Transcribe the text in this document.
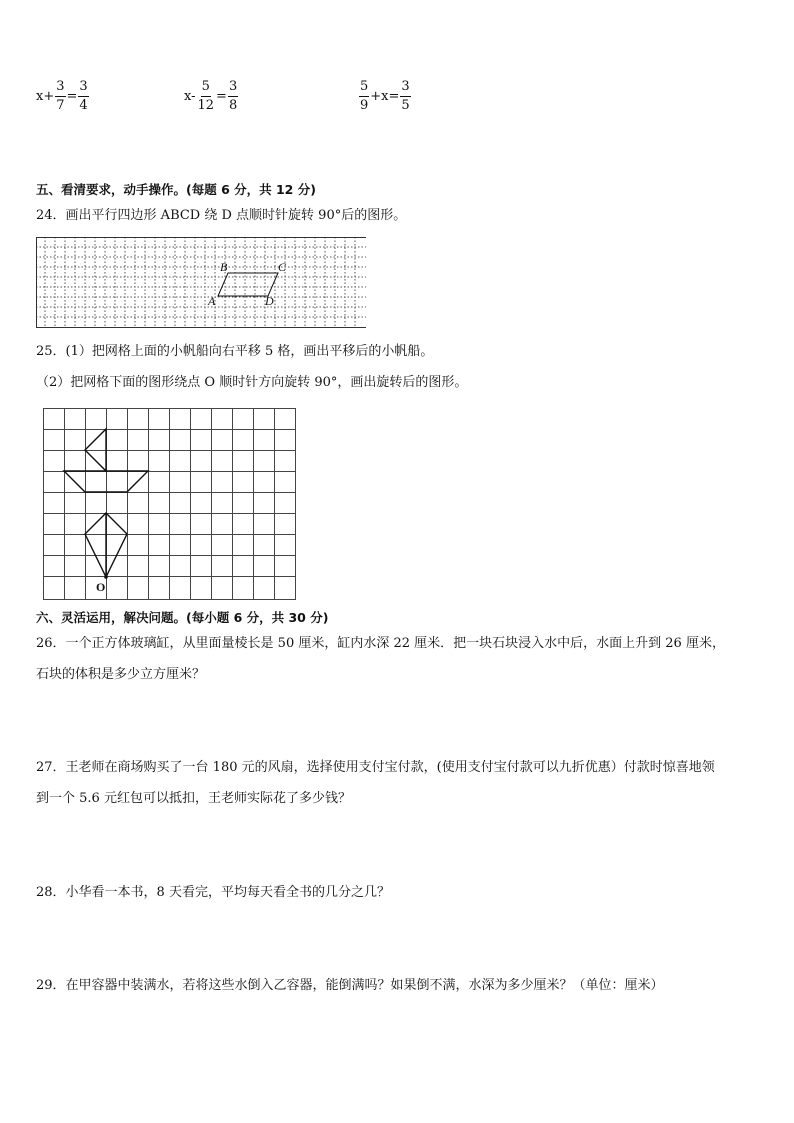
$x+ \frac{3}{7} = \frac{3}{4}$	$x- \frac{5}{12} = \frac{3}{8}$	$\frac{5}{9} +x= \frac{3}{5}$
五、看清要求，动手操作。(每题 6 分，共 12 分)
24．画出平行四边形 ABCD 绕 D 点顺时针旋转 90°后的图形。
A
B	C
D
25．(1）把网格上面的小帆船向右平移 5 格，画出平移后的小帆船。
（2）把网格下面的图形绕点 O 顺时针方向旋转 90°，画出旋转后的图形。
O
六、灵活运用，解决问题。(每小题 6 分，共 30 分)
26．一个正方体玻璃缸，从里面量棱长是 50 厘米，缸内水深 22 厘米．把一块石块浸入水中后，水面上升到 26 厘米，
石块的体积是多少立方厘米？
27．王老师在商场购买了一台 180 元的风扇，选择使用支付宝付款，(使用支付宝付款可以九折优惠）付款时惊喜地领
到一个 5.6 元红包可以抵扣，王老师实际花了多少钱？
28．小华看一本书，8 天看完，平均每天看全书的几分之几？
29．在甲容器中装满水，若将这些水倒入乙容器，能倒满吗？如果倒不满，水深为多少厘米？（单位：厘米）
